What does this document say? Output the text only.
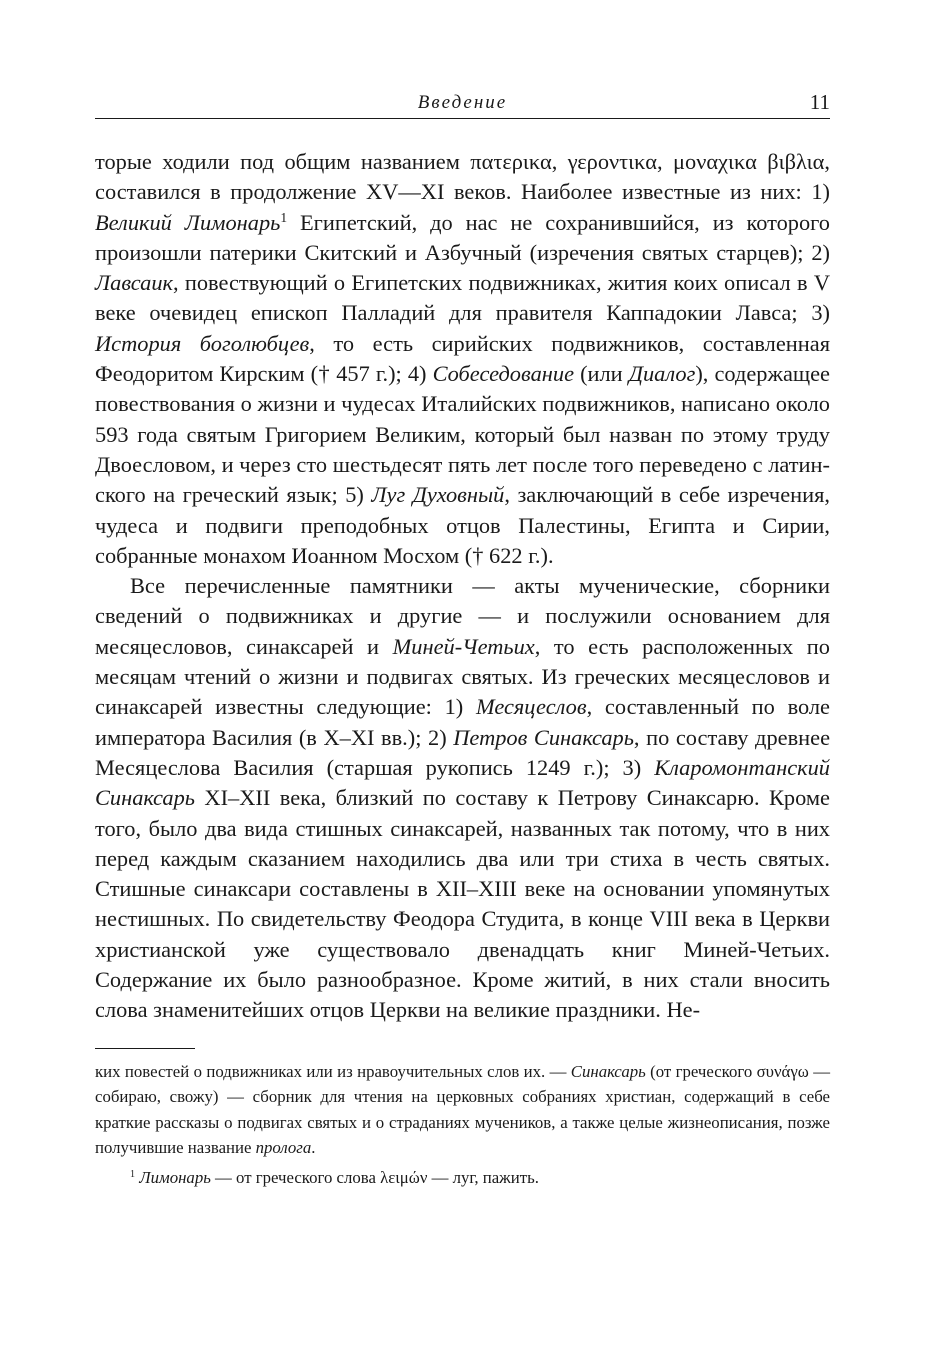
Введение	11

торые ходили под общим названием πατερικα, γεροντικα, μοναχικα βιβλια, составился в продолжение XV—XI веков. Наиболее известные из них: 1) Великий Лимонарь$^1$ Египетский, до нас не сохранившийся, из которого произошли патерики Скитский и Азбучный (изречения святых старцев); 2) Лавсаик, повествующий о Египетских подвижниках, жития коих описал в V веке очевидец епископ Палладий для правителя Каппадокии Лавса; 3) История боголюбцев, то есть сирийских подвижников, составленная Феодоритом Кирским († 457 г.); 4) Собеседование (или Диалог), содержащее повествования о жизни и чудесах Италийских подвижников, написано около 593 года святым Григорием Великим, который был назван по этому труду Двоесловом, и через сто шестьдесят пять лет после того переведено с латинского на греческий язык; 5) Луг Духовный, заключающий в себе изречения, чудеса и подвиги преподобных отцов Палестины, Египта и Сирии, собранные монахом Иоанном Мосхом († 622 г.).

Все перечисленные памятники — акты мученические, сборники сведений о подвижниках и другие — и послужили основанием для месяцесловов, синаксарей и Миней-Четьих, то есть расположенных по месяцам чтений о жизни и подвигах святых. Из греческих месяцесловов и синаксарей известны следующие: 1) Месяцеслов, составленный по воле императора Василия (в X–XI вв.); 2) Петров Синаксарь, по составу древнее Месяцеслова Василия (старшая рукопись 1249 г.); 3) Кларомонтанский Синаксарь XI–XII века, близкий по составу к Петрову Синаксарю. Кроме того, было два вида стишных синаксарей, названных так потому, что в них перед каждым сказанием находились два или три стиха в честь святых. Стишные синаксари составлены в XII–XIII веке на основании упомянутых нестишных. По свидетельству Феодора Студита, в конце VIII века в Церкви христианской уже существовало двенадцать книг Миней-Четьих. Содержание их было разнообразное. Кроме житий, в них стали вносить слова знаменитейших отцов Церкви на великие праздники. Не-

ких повестей о подвижниках или из нравоучительных слов их. — Синаксарь (от греческого συνάγω — собираю, свожу) — сборник для чтения на церковных собраниях христиан, содержащий в себе краткие рассказы о подвигах святых и о страданиях мучеников, а также целые жизнеописания, позже получившие название пролога.

$^1$ Лимонарь — от греческого слова λειμών — луг, пажить.
